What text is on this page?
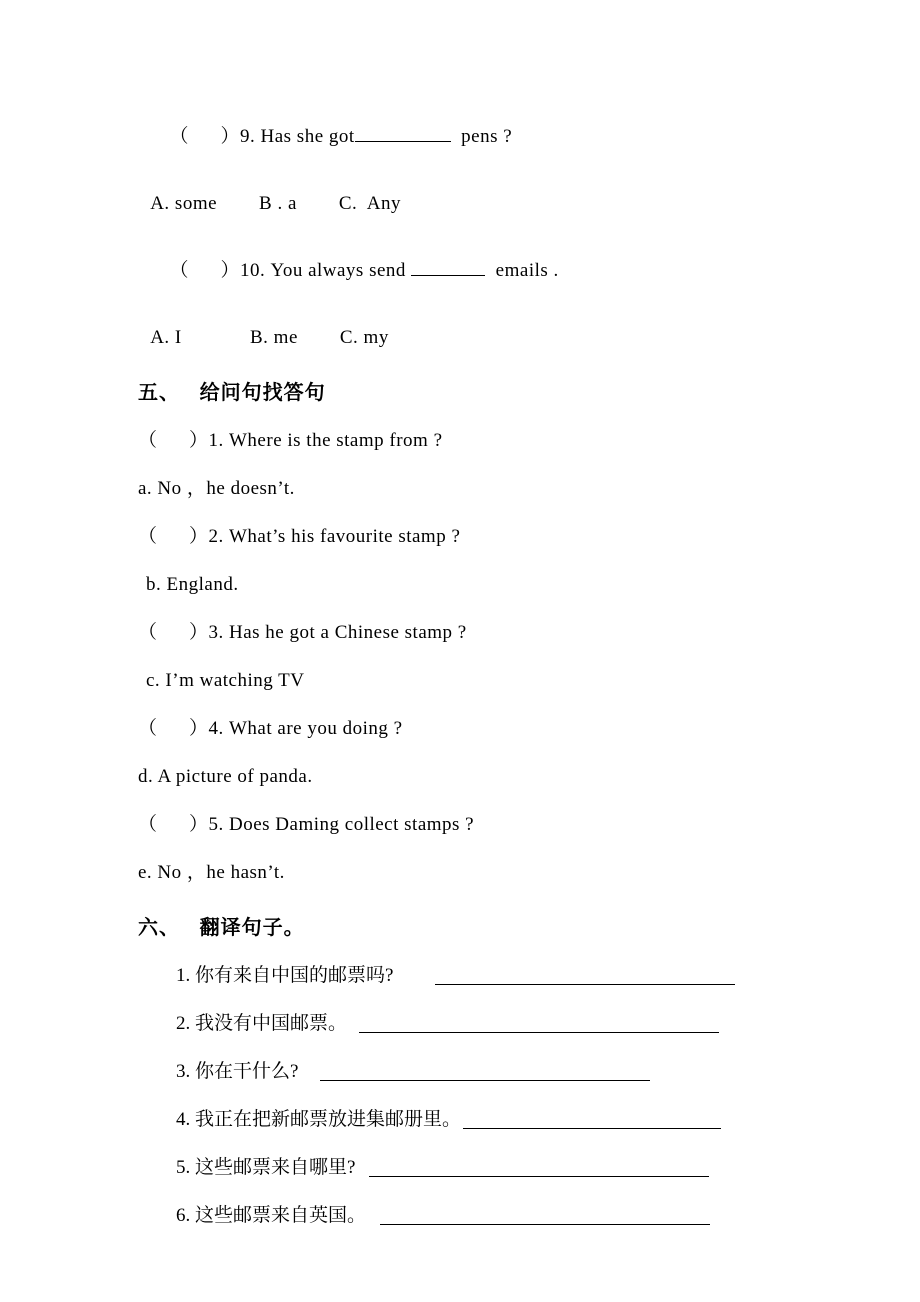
（      ）9. Has she got	pens ?

A. some        B . a        C.  Any

（      ）10. You always send	emails .

A. I             B. me        C. my
五、 给问句找答句
（      ）1. Where is the stamp from ?
a. No ，he doesn’t.
（      ）2. What’s his favourite stamp ?
b. England.
（      ）3. Has he got a Chinese stamp ?
c. I’m watching TV
（      ）4. What are you doing ?
d. A picture of panda.
（      ）5. Does Daming collect stamps ?
e. No ，he hasn’t.
六、 翻译句子。
1.
你有来自中国的邮票吗?
2.
我没有中国邮票。
3.
你在干什么?
4.
我正在把新邮票放进集邮册里。
5.
这些邮票来自哪里?
6.
这些邮票来自英国。
